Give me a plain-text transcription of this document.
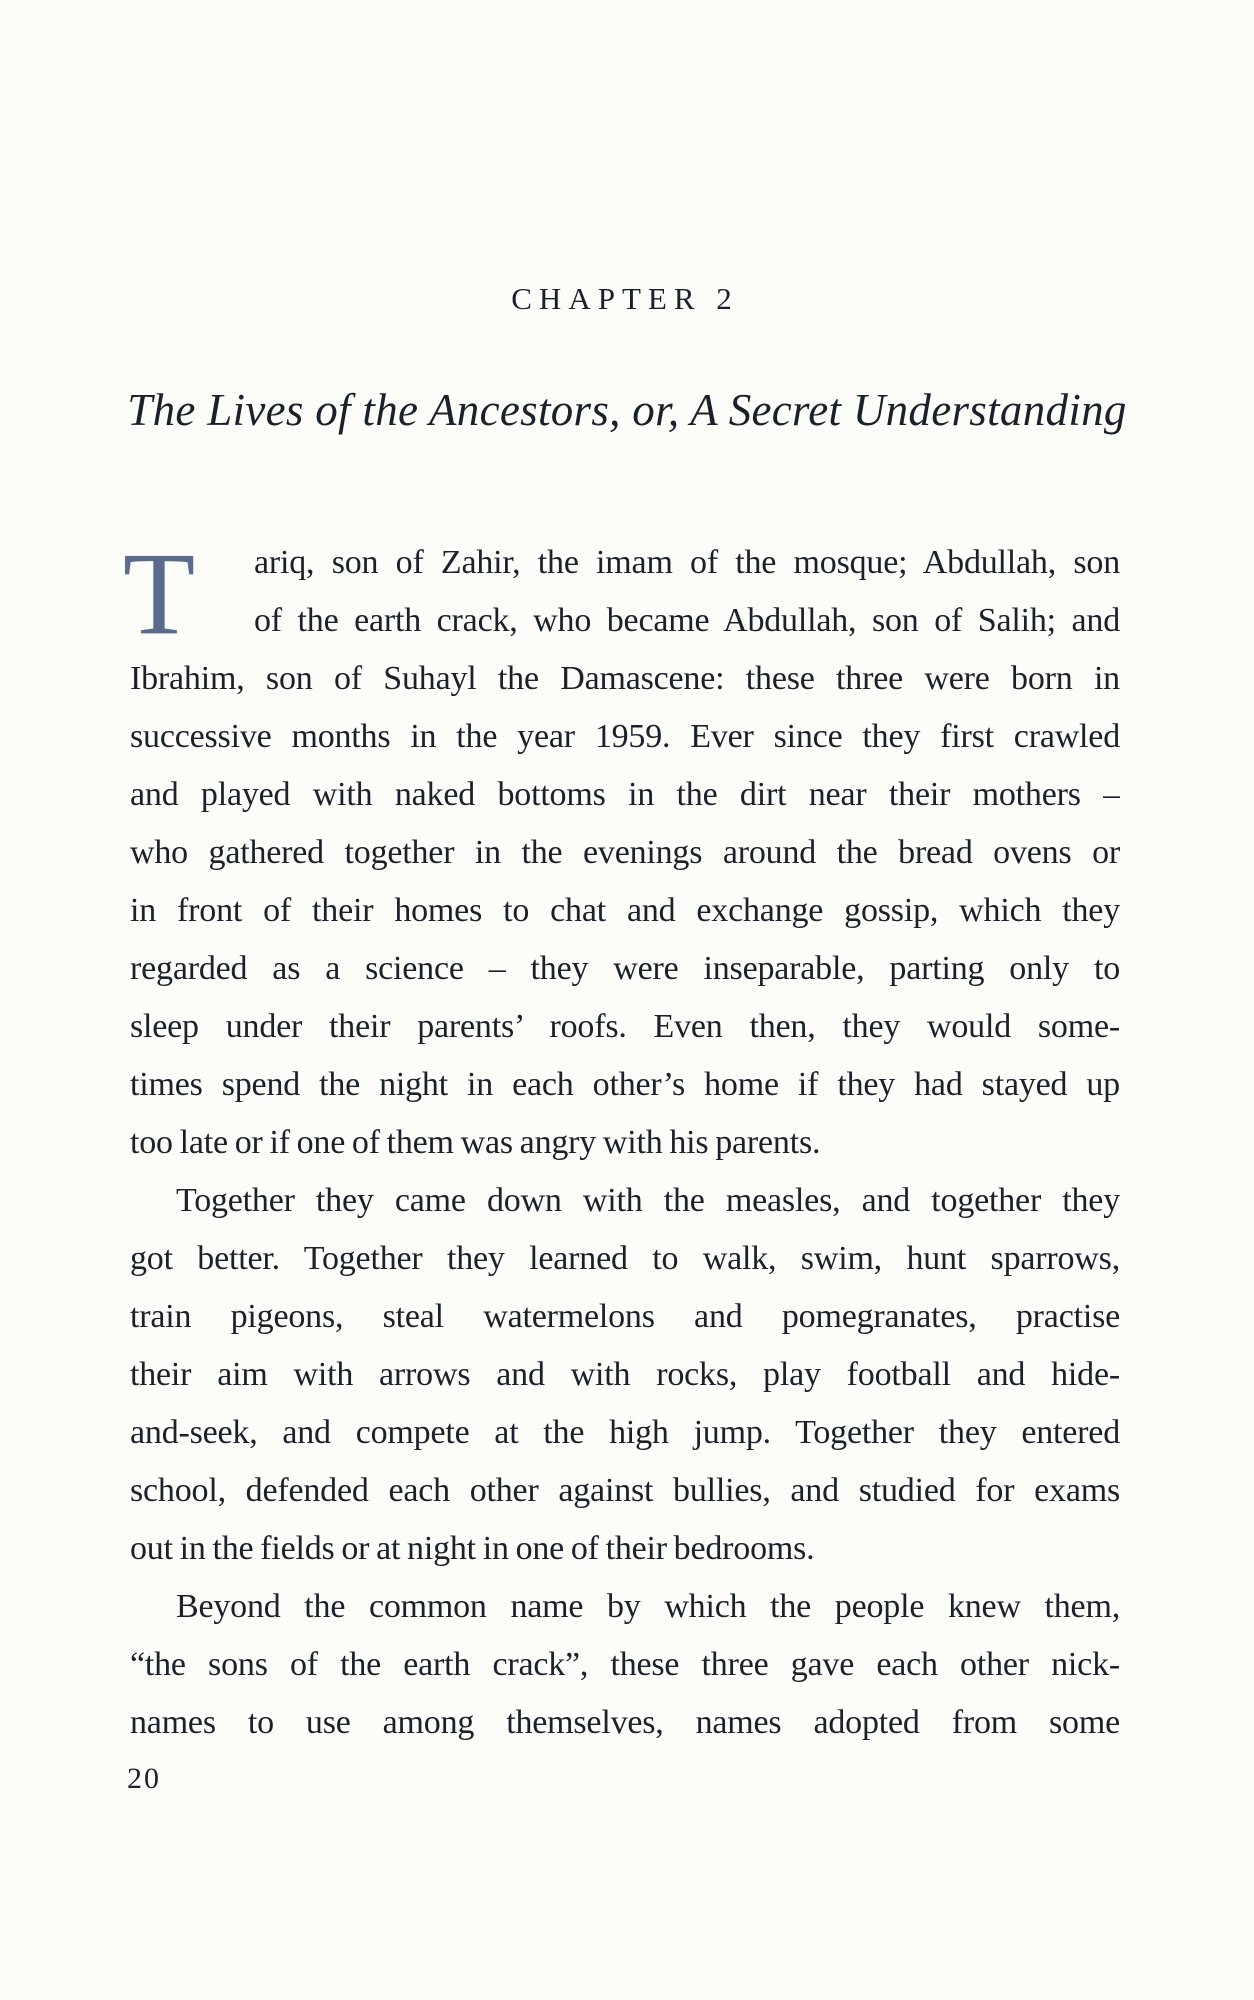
CHAPTER 2
The Lives of the Ancestors, or, A Secret Understanding
T	ariq, son of Zahir, the imam of the mosque; Abdullah, son
of the earth crack, who became Abdullah, son of Salih; and
Ibrahim, son of Suhayl the Damascene: these three were born in
successive months in the year 1959. Ever since they first crawled
and played with naked bottoms in the dirt near their mothers –
who gathered together in the evenings around the bread ovens or
in front of their homes to chat and exchange gossip, which they
regarded as a science – they were inseparable, parting only to
sleep under their parents’ roofs. Even then, they would some-
times spend the night in each other’s home if they had stayed up
too late or if one of them was angry with his parents.
Together they came down with the measles, and together they
got better. Together they learned to walk, swim, hunt sparrows,
train pigeons, steal watermelons and pomegranates, practise
their aim with arrows and with rocks, play football and hide-
and-seek, and compete at the high jump. Together they entered
school, defended each other against bullies, and studied for exams
out in the fields or at night in one of their bedrooms.
Beyond the common name by which the people knew them,
“the sons of the earth crack”, these three gave each other nick-
names to use among themselves, names adopted from some
20
